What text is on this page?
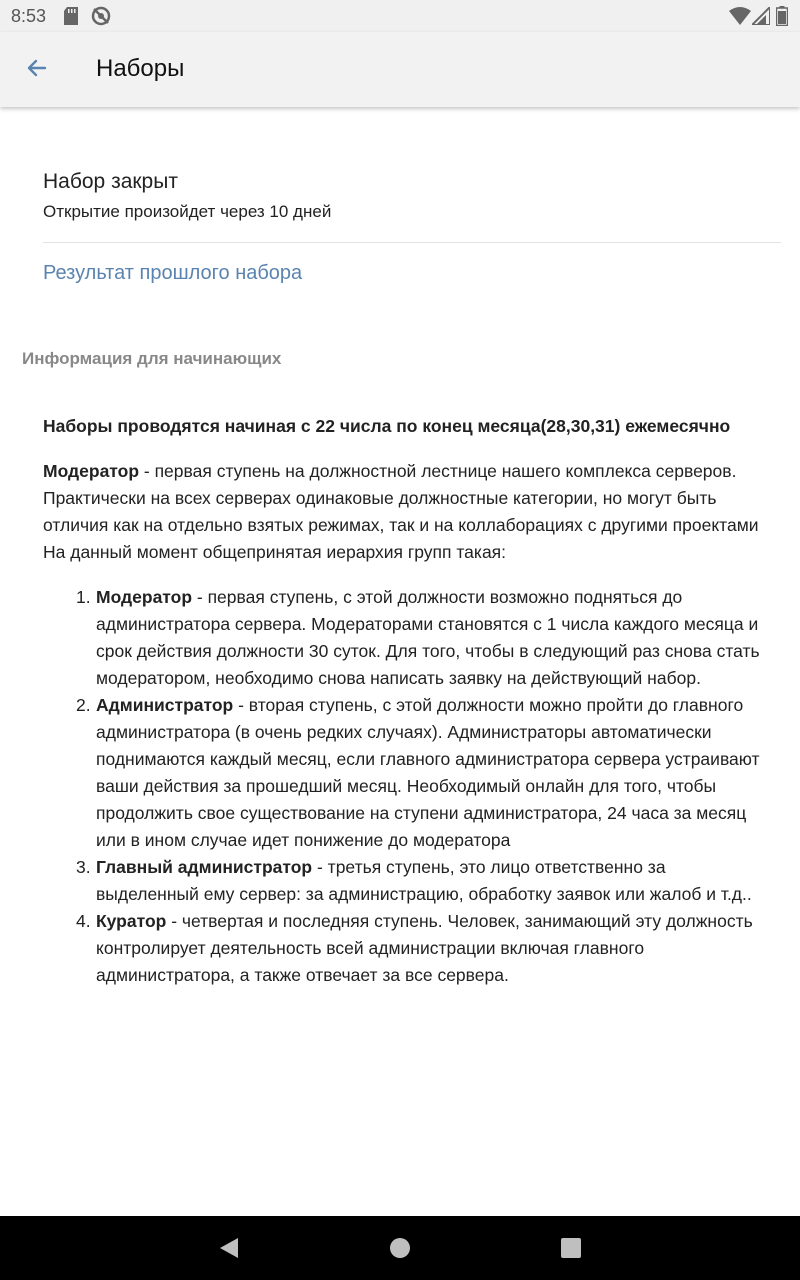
8:53
Наборы
Набор закрыт
Открытие произойдет через 10 дней
Результат прошлого набора
Информация для начинающих

Наборы проводятся начиная с 22 числа по конец месяца(28,30,31) ежемесячно

Модератор - первая ступень на должностной лестнице нашего комплекса серверов. Практически на всех серверах одинаковые должностные категории, но могут быть отличия как на отдельно взятых режимах, так и на коллаборациях с другими проектами

На данный момент общепринятая иерархия групп такая:

1. Модератор - первая ступень, с этой должности возможно подняться до администратора сервера. Модераторами становятся с 1 числа каждого месяца и срок действия должности 30 суток. Для того, чтобы в следующий раз снова стать модератором, необходимо снова написать заявку на действующий набор.
2. Администратор - вторая ступень, с этой должности можно пройти до главного администратора (в очень редких случаях). Администраторы автоматически поднимаются каждый месяц, если главного администратора сервера устраивают ваши действия за прошедший месяц. Необходимый онлайн для того, чтобы продолжить свое существование на ступени администратора, 24 часа за месяц или в ином случае идет понижение до модератора
3. Главный администратор - третья ступень, это лицо ответственно за выделенный ему сервер: за администрацию, обработку заявок или жалоб и т.д..
4. Куратор - четвертая и последняя ступень. Человек, занимающий эту должность контролирует деятельность всей администрации включая главного администратора, а также отвечает за все сервера.
